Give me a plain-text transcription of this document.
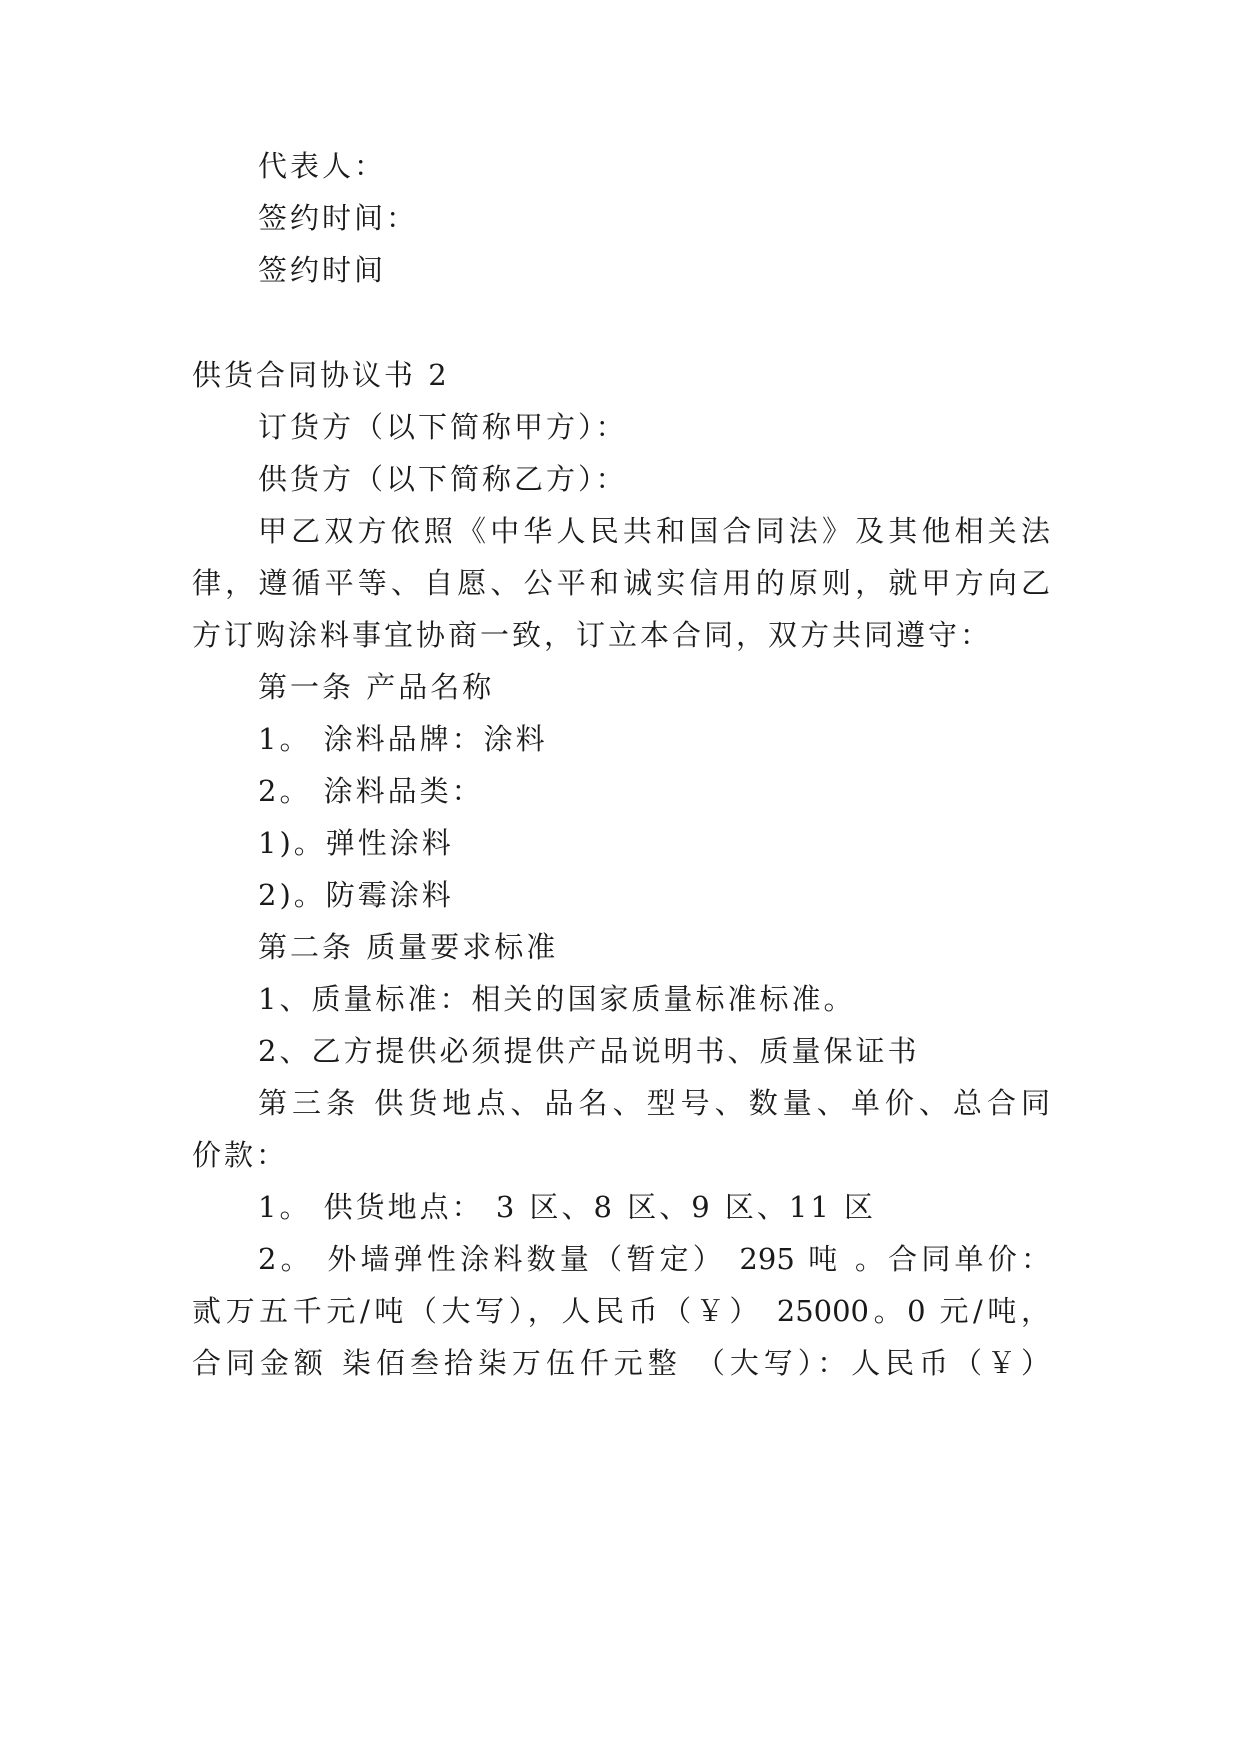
代表人：
签约时间：
签约时间
供货合同协议书 2
订货方（以下简称甲方）：
供货方（以下简称乙方）：
甲乙双方依照《中华人民共和国合同法》及其他相关法
律，遵循平等、自愿、公平和诚实信用的原则，就甲方向乙
方订购涂料事宜协商一致，订立本合同，双方共同遵守：
第一条 产品名称
1。 涂料品牌：涂料
2。 涂料品类：
1)。弹性涂料
2)。防霉涂料
第二条 质量要求标准
1、质量标准：相关的国家质量标准标准。
2、乙方提供必须提供产品说明书、质量保证书
第三条 供货地点、品名、型号、数量、单价、总合同
价款：
1。 供货地点： 3 区、8 区、9 区、11 区
2。 外墙弹性涂料数量（暂定） 295 吨 。合同单价：
贰万五千元/吨（大写），人民币（￥） 25000。0 元/吨，
合同金额 柒佰叁拾柒万伍仟元整 （大写）：人民币（￥）
